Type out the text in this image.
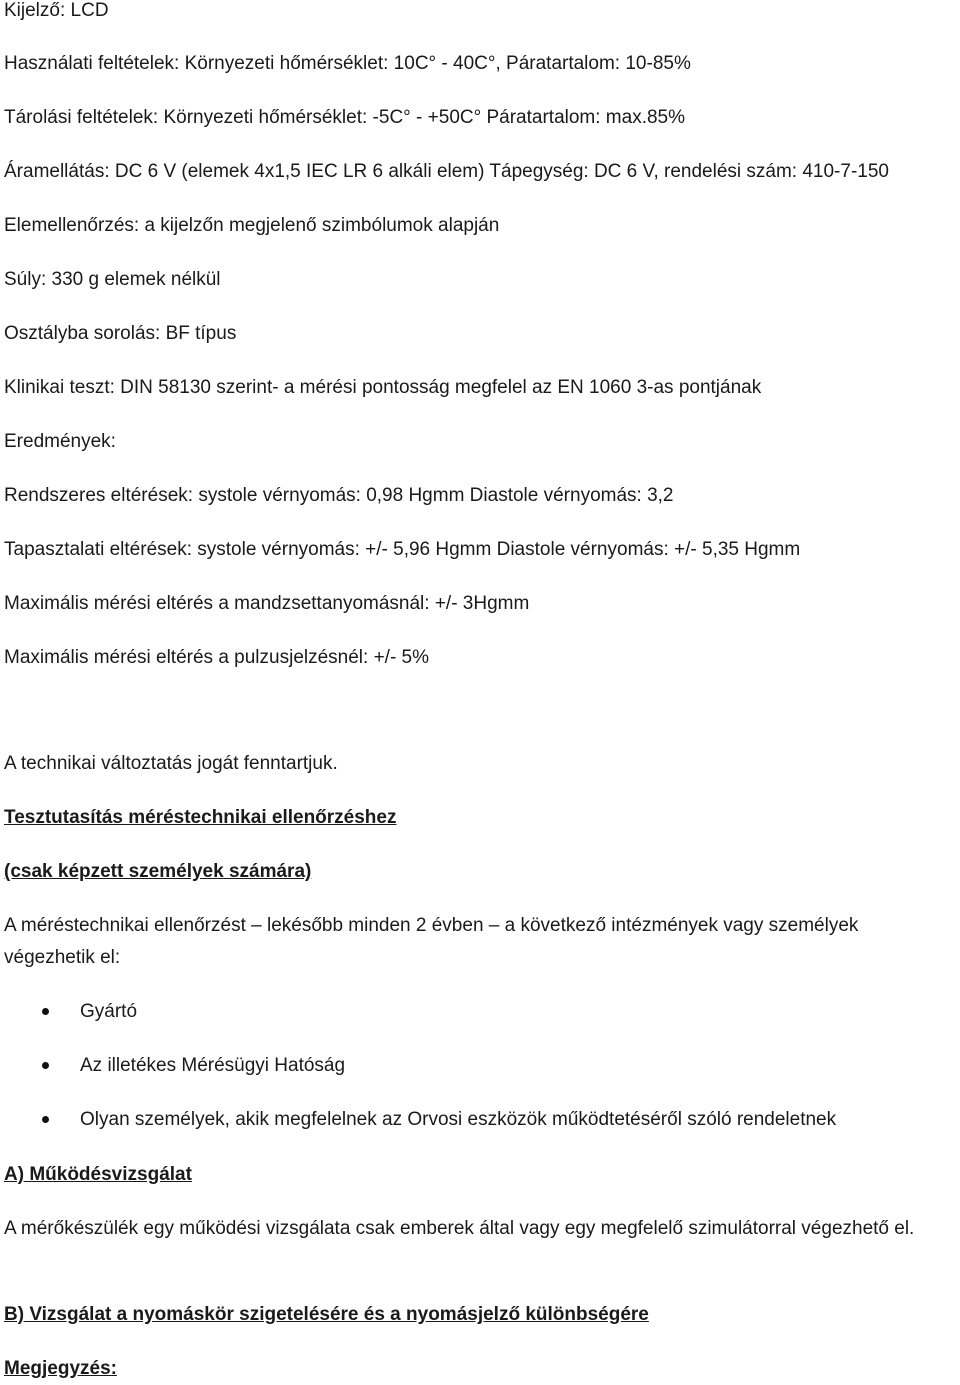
Kijelző: LCD

Használati feltételek: Környezeti hőmérséklet: 10C° - 40C°, Páratartalom: 10-85%

Tárolási feltételek: Környezeti hőmérséklet: -5C° - +50C° Páratartalom: max.85%

Áramellátás: DC 6 V (elemek 4x1,5 IEC LR 6 alkáli elem) Tápegység: DC 6 V, rendelési szám: 410-7-150

Elemellenőrzés: a kijelzőn megjelenő szimbólumok alapján

Súly: 330 g elemek nélkül

Osztályba sorolás: BF típus

Klinikai teszt: DIN 58130 szerint- a mérési pontosság megfelel az EN 1060 3-as pontjának

Eredmények:

Rendszeres eltérések: systole vérnyomás: 0,98 Hgmm Diastole vérnyomás: 3,2

Tapasztalati eltérések: systole vérnyomás: +/- 5,96 Hgmm Diastole vérnyomás: +/- 5,35 Hgmm

Maximális mérési eltérés a mandzsettanyomásnál: +/- 3Hgmm

Maximális mérési eltérés a pulzusjelzésnél: +/- 5%

A technikai változtatás jogát fenntartjuk.

Tesztutasítás méréstechnikai ellenőrzéshez

(csak képzett személyek számára)

A méréstechnikai ellenőrzést – lekésőbb minden 2 évben – a következő intézmények vagy személyek végezhetik el:

Gyártó
Az illetékes Mérésügyi Hatóság
Olyan személyek, akik megfelelnek az Orvosi eszközök működtetéséről szóló rendeletnek

A) Működésvizsgálat

A mérőkészülék egy működési vizsgálata csak emberek által vagy egy megfelelő szimulátorral végezhető el.

B) Vizsgálat a nyomáskör szigetelésére és a nyomásjelző különbségére

Megjegyzés:
